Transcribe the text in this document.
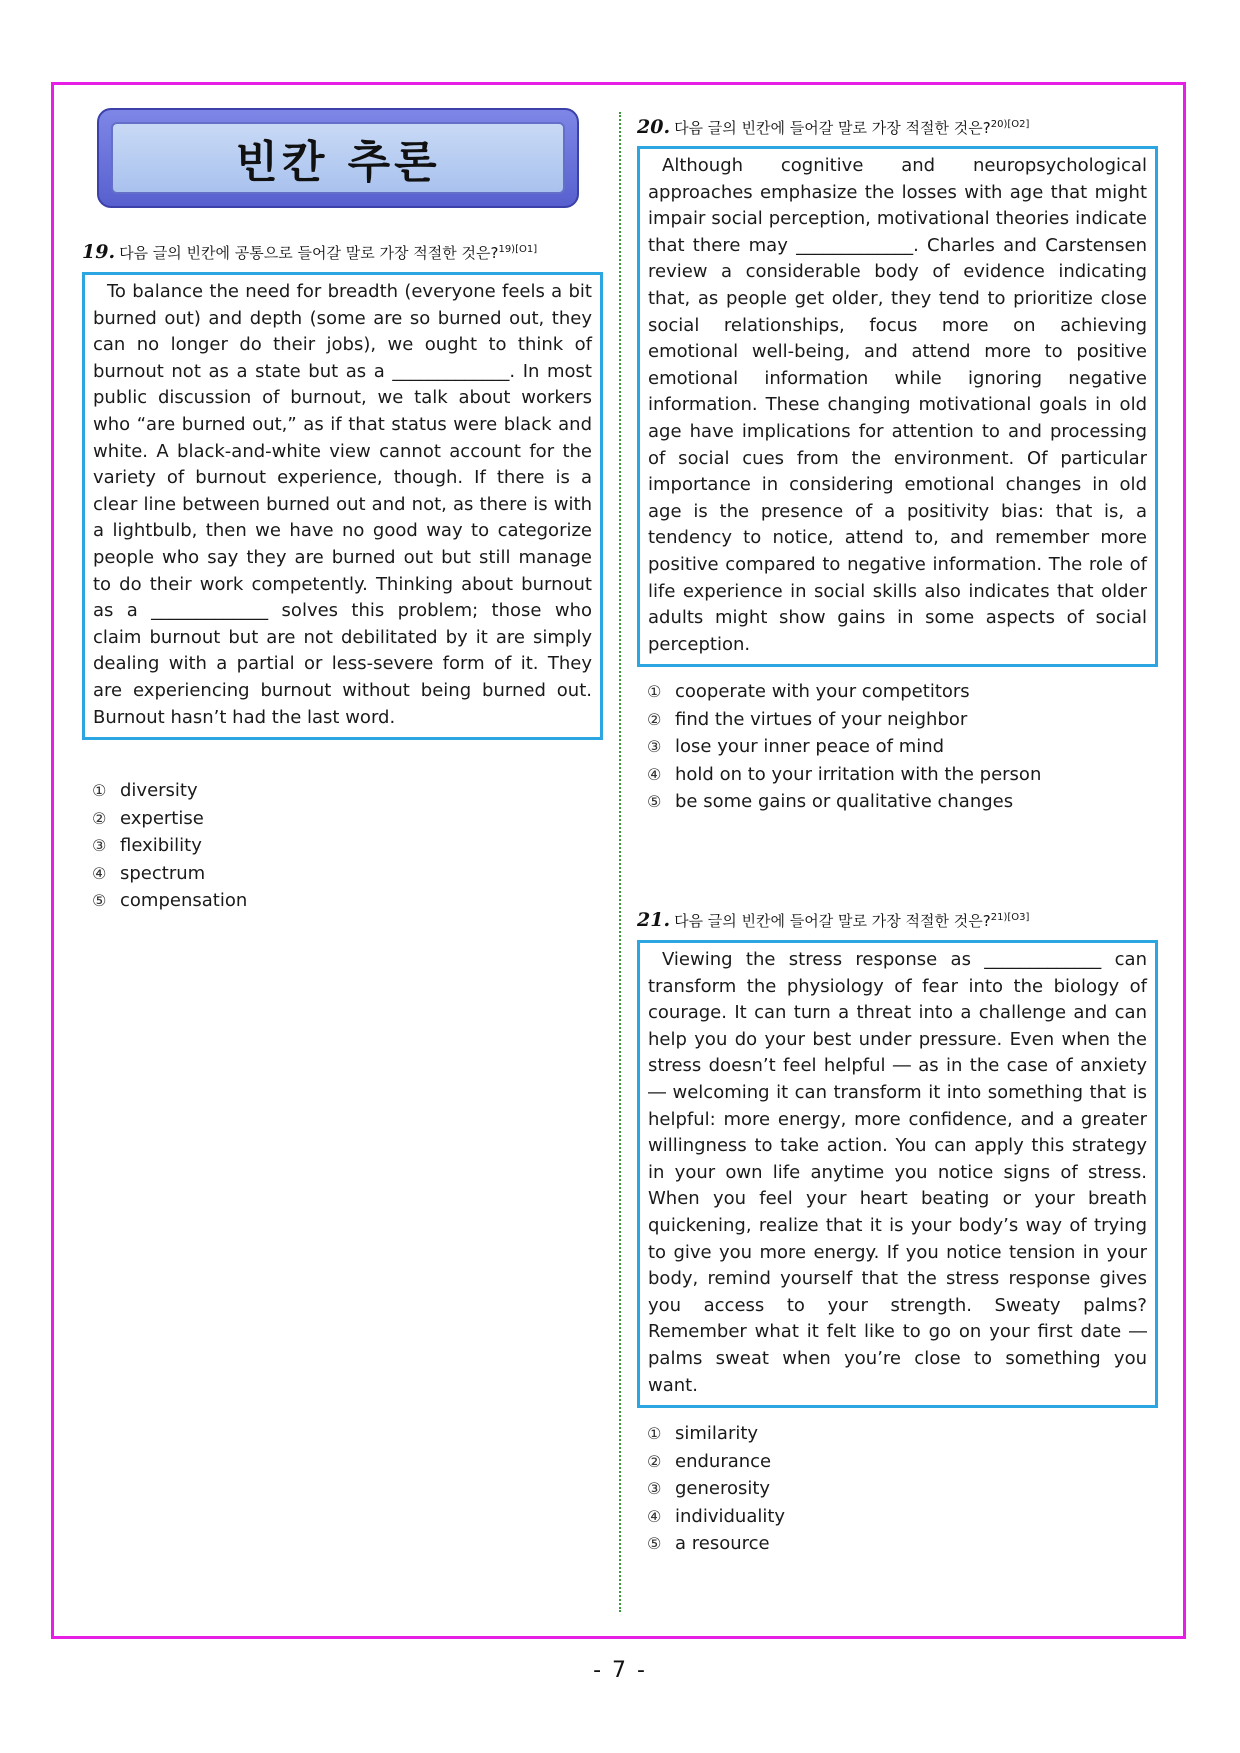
빈칸 추론
19. 다음 글의 빈칸에 공통으로 들어갈 말로 가장 적절한 것은?$^{19)[O1]}$

To balance the need for breadth (everyone feels a bit burned out) and depth (some are so burned out, they can no longer do their jobs), we ought to think of burnout not as a state but as a _____________. In most public discussion of burnout, we talk about workers who “are burned out,” as if that status were black and white. A black-and-white view cannot account for the variety of burnout experience, though. If there is a clear line between burned out and not, as there is with a lightbulb, then we have no good way to categorize people who say they are burned out but still manage to do their work competently. Thinking about burnout as a _____________ solves this problem; those who claim burnout but are not debilitated by it are simply dealing with a partial or less-severe form of it. They are experiencing burnout without being burned out. Burnout hasn’t had the last word.

① diversity
② expertise
③ flexibility
④ spectrum
⑤ compensation
20. 다음 글의 빈칸에 들어갈 말로 가장 적절한 것은?$^{20)[O2]}$

Although cognitive and neuropsychological approaches emphasize the losses with age that might impair social perception, motivational theories indicate that there may _____________. Charles and Carstensen review a considerable body of evidence indicating that, as people get older, they tend to prioritize close social relationships, focus more on achieving emotional well-being, and attend more to positive emotional information while ignoring negative information. These changing motivational goals in old age have implications for attention to and processing of social cues from the environment. Of particular importance in considering emotional changes in old age is the presence of a positivity bias: that is, a tendency to notice, attend to, and remember more positive compared to negative information. The role of life experience in social skills also indicates that older adults might show gains in some aspects of social perception.

① cooperate with your competitors
② find the virtues of your neighbor
③ lose your inner peace of mind
④ hold on to your irritation with the person
⑤ be some gains or qualitative changes
21. 다음 글의 빈칸에 들어갈 말로 가장 적절한 것은?$^{21)[O3]}$

Viewing the stress response as _____________ can transform the physiology of fear into the biology of courage. It can turn a threat into a challenge and can help you do your best under pressure. Even when the stress doesn’t feel helpful ― as in the case of anxiety ― welcoming it can transform it into something that is helpful: more energy, more confidence, and a greater willingness to take action. You can apply this strategy in your own life anytime you notice signs of stress. When you feel your heart beating or your breath quickening, realize that it is your body’s way of trying to give you more energy. If you notice tension in your body, remind yourself that the stress response gives you access to your strength. Sweaty palms? Remember what it felt like to go on your first date ― palms sweat when you’re close to something you want.

① similarity
② endurance
③ generosity
④ individuality
⑤ a resource
- 7 -
